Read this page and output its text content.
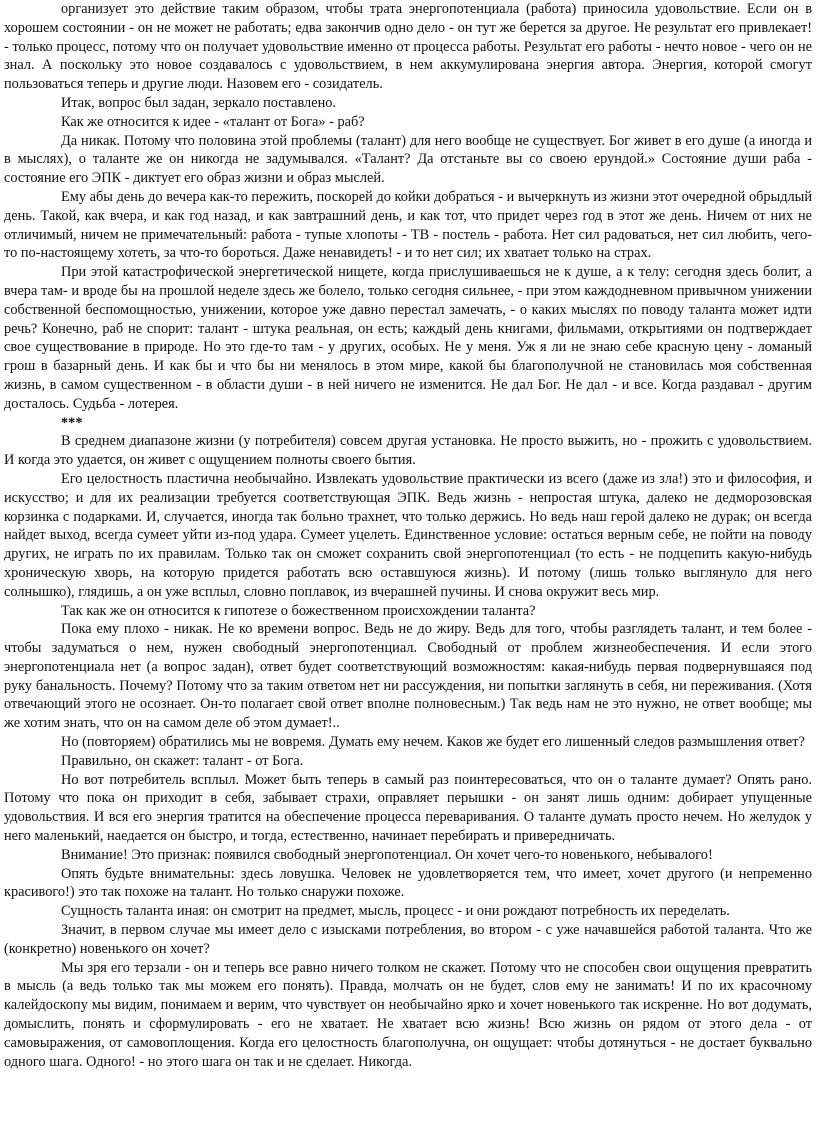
организует это действие таким образом, чтобы трата энергопотенциала (работа) приносила удовольствие. Если он в хорошем состоянии - он не может не работать; едва закончив одно дело - он тут же берется за другое. Не результат его привлекает! - только процесс, потому что он получает удовольствие именно от процесса работы. Результат его работы - нечто новое - чего он не знал. А поскольку это новое создавалось с удовольствием, в нем аккумулирована энергия автора. Энергия, которой смогут пользоваться теперь и другие люди. Назовем его - созидатель.

Итак, вопрос был задан, зеркало поставлено.

Как же относится к идее - «талант от Бога» - раб?

Да никак. Потому что половина этой проблемы (талант) для него вообще не существует. Бог живет в его душе (а иногда и в мыслях), о таланте же он никогда не задумывался. «Талант? Да отстаньте вы со своею ерундой.» Состояние души раба - состояние его ЭПК - диктует его образ жизни и образ мыслей.

Ему абы день до вечера как-то пережить, поскорей до койки добраться - и вычеркнуть из жизни этот очередной обрыдлый день. Такой, как вчера, и как год назад, и как завтрашний день, и как тот, что придет через год в этот же день. Ничем от них не отличимый, ничем не примечательный: работа - тупые хлопоты - ТВ - постель - работа. Нет сил радоваться, нет сил любить, чего-то по-настоящему хотеть, за что-то бороться. Даже ненавидеть! - и то нет сил; их хватает только на страх.

При этой катастрофической энергетической нищете, когда прислушиваешься не к душе, а к телу: сегодня здесь болит, а вчера там- и вроде бы на прошлой неделе здесь же болело, только сегодня сильнее, - при этом каждодневном привычном унижении собственной беспомощностью, унижении, которое уже давно перестал замечать, - о каких мыслях по поводу таланта может идти речь? Конечно, раб не спорит: талант - штука реальная, он есть; каждый день книгами, фильмами, открытиями он подтверждает свое существование в природе. Но это где-то там - у других, особых. Не у меня. Уж я ли не знаю себе красную цену - ломаный грош в базарный день. И как бы и что бы ни менялось в этом мире, какой бы благополучной не становилась моя собственная жизнь, в самом существенном - в области души - в ней ничего не изменится. Не дал Бог. Не дал - и все. Когда раздавал - другим досталось. Судьба - лотерея.

***

В среднем диапазоне жизни (у потребителя) совсем другая установка. Не просто выжить, но - прожить с удовольствием. И когда это удается, он живет с ощущением полноты своего бытия.

Его целостность пластична необычайно. Извлекать удовольствие практически из всего (даже из зла!) это и философия, и искусство; и для их реализации требуется соответствующая ЭПК. Ведь жизнь - непростая штука, далеко не дедморозовская корзинка с подарками. И, случается, иногда так больно трахнет, что только держись. Но ведь наш герой далеко не дурак; он всегда найдет выход, всегда сумеет уйти из-под удара. Сумеет уцелеть. Единственное условие: остаться верным себе, не пойти на поводу других, не играть по их правилам. Только так он сможет сохранить свой энергопотенциал (то есть - не подцепить какую-нибудь хроническую хворь, на которую придется работать всю оставшуюся жизнь). И потому (лишь только выглянуло для него солнышко), глядишь, а он уже всплыл, словно поплавок, из вчерашней пучины. И снова окружит весь мир.

Так как же он относится к гипотезе о божественном происхождении таланта?

Пока ему плохо - никак. Не ко времени вопрос. Ведь не до жиру. Ведь для того, чтобы разглядеть талант, и тем более - чтобы задуматься о нем, нужен свободный энергопотенциал. Свободный от проблем жизнеобеспечения. И если этого энергопотенциала нет (а вопрос задан), ответ будет соответствующий возможностям: какая-нибудь первая подвернувшаяся под руку банальность. Почему? Потому что за таким ответом нет ни рассуждения, ни попытки заглянуть в себя, ни переживания. (Хотя отвечающий этого не осознает. Он-то полагает свой ответ вполне полновесным.) Так ведь нам не это нужно, не ответ вообще; мы же хотим знать, что он на самом деле об этом думает!..

Но (повторяем) обратились мы не вовремя. Думать ему нечем. Каков же будет его лишенный следов размышления ответ?

Правильно, он скажет: талант - от Бога.

Но вот потребитель всплыл. Может быть теперь в самый раз поинтересоваться, что он о таланте думает? Опять рано. Потому что пока он приходит в себя, забывает страхи, оправляет перышки - он занят лишь одним: добирает упущенные удовольствия. И вся его энергия тратится на обеспечение процесса переваривания. О таланте думать просто нечем. Но желудок у него маленький, наедается он быстро, и тогда, естественно, начинает перебирать и привередничать.

Внимание! Это признак: появился свободный энергопотенциал. Он хочет чего-то новенького, небывалого!

Опять будьте внимательны: здесь ловушка. Человек не удовлетворяется тем, что имеет, хочет другого (и непременно красивого!) это так похоже на талант. Но только снаружи похоже.

Сущность таланта иная: он смотрит на предмет, мысль, процесс - и они рождают потребность их переделать.

Значит, в первом случае мы имеет дело с изысками потребления, во втором - с уже начавшейся работой таланта. Что же (конкретно) новенького он хочет?

Мы зря его терзали - он и теперь все равно ничего толком не скажет. Потому что не способен свои ощущения превратить в мысль (а ведь только так мы можем его понять). Правда, молчать он не будет, слов ему не занимать! И по их красочному калейдоскопу мы видим, понимаем и верим, что чувствует он необычайно ярко и хочет новенького так искренне. Но вот додумать, домыслить, понять и сформулировать - его не хватает. Не хватает всю жизнь! Всю жизнь он рядом от этого дела - от самовыражения, от самовоплощения. Когда его целостность благополучна, он ощущает: чтобы дотянуться - не достает буквально одного шага. Одного! - но этого шага он так и не сделает. Никогда.
